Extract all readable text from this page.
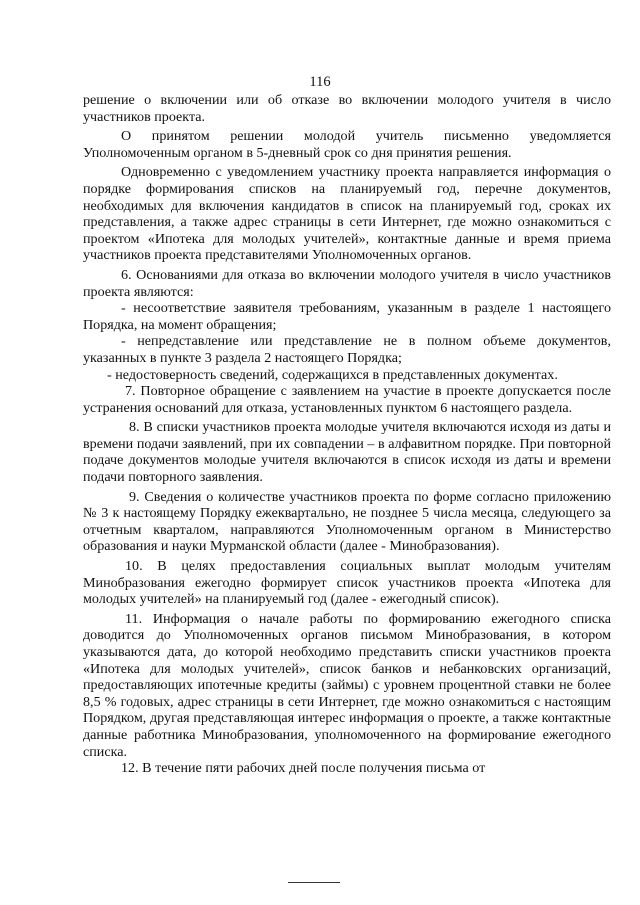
116

решение о включении или об отказе во включении молодого учителя в число участников проекта.

О принятом решении молодой учитель письменно уведомляется Уполномоченным органом в 5-дневный срок со дня принятия решения.

Одновременно с уведомлением участнику проекта направляется информация о порядке формирования списков на планируемый год, перечне документов, необходимых для включения кандидатов в список на планируемый год, сроках их представления, а также адрес страницы в сети Интернет, где можно ознакомиться с проектом «Ипотека для молодых учителей», контактные данные и время приема участников проекта представителями Уполномоченных органов.

6. Основаниями для отказа во включении молодого учителя в число участников проекта являются:

- несоответствие заявителя требованиям, указанным в разделе 1 настоящего Порядка, на момент обращения;

- непредставление или представление не в полном объеме документов, указанных в пункте 3 раздела 2 настоящего Порядка;

- недостоверность сведений, содержащихся в представленных документах.

7. Повторное обращение с заявлением на участие в проекте допускается после устранения оснований для отказа, установленных пунктом 6 настоящего раздела.

8. В списки участников проекта молодые учителя включаются исходя из даты и времени подачи заявлений, при их совпадении – в алфавитном порядке. При повторной подаче документов молодые учителя включаются в список исходя из даты и времени подачи повторного заявления.

9. Сведения о количестве участников проекта по форме согласно приложению № 3 к настоящему Порядку ежеквартально, не позднее 5 числа месяца, следующего за отчетным кварталом, направляются Уполномоченным органом в Министерство образования и науки Мурманской области (далее - Минобразования).

10. В целях предоставления социальных выплат молодым учителям Минобразования ежегодно формирует список участников проекта «Ипотека для молодых учителей» на планируемый год (далее - ежегодный список).

11. Информация о начале работы по формированию ежегодного списка доводится до Уполномоченных органов письмом Минобразования, в котором указываются дата, до которой необходимо представить списки участников проекта «Ипотека для молодых учителей», список банков и небанковских организаций, предоставляющих ипотечные кредиты (займы) с уровнем процентной ставки не более 8,5 % годовых, адрес страницы в сети Интернет, где можно ознакомиться с настоящим Порядком, другая представляющая интерес информация о проекте, а также контактные данные работника Минобразования, уполномоченного на формирование ежегодного списка.

12. В течение пяти рабочих дней после получения письма от
